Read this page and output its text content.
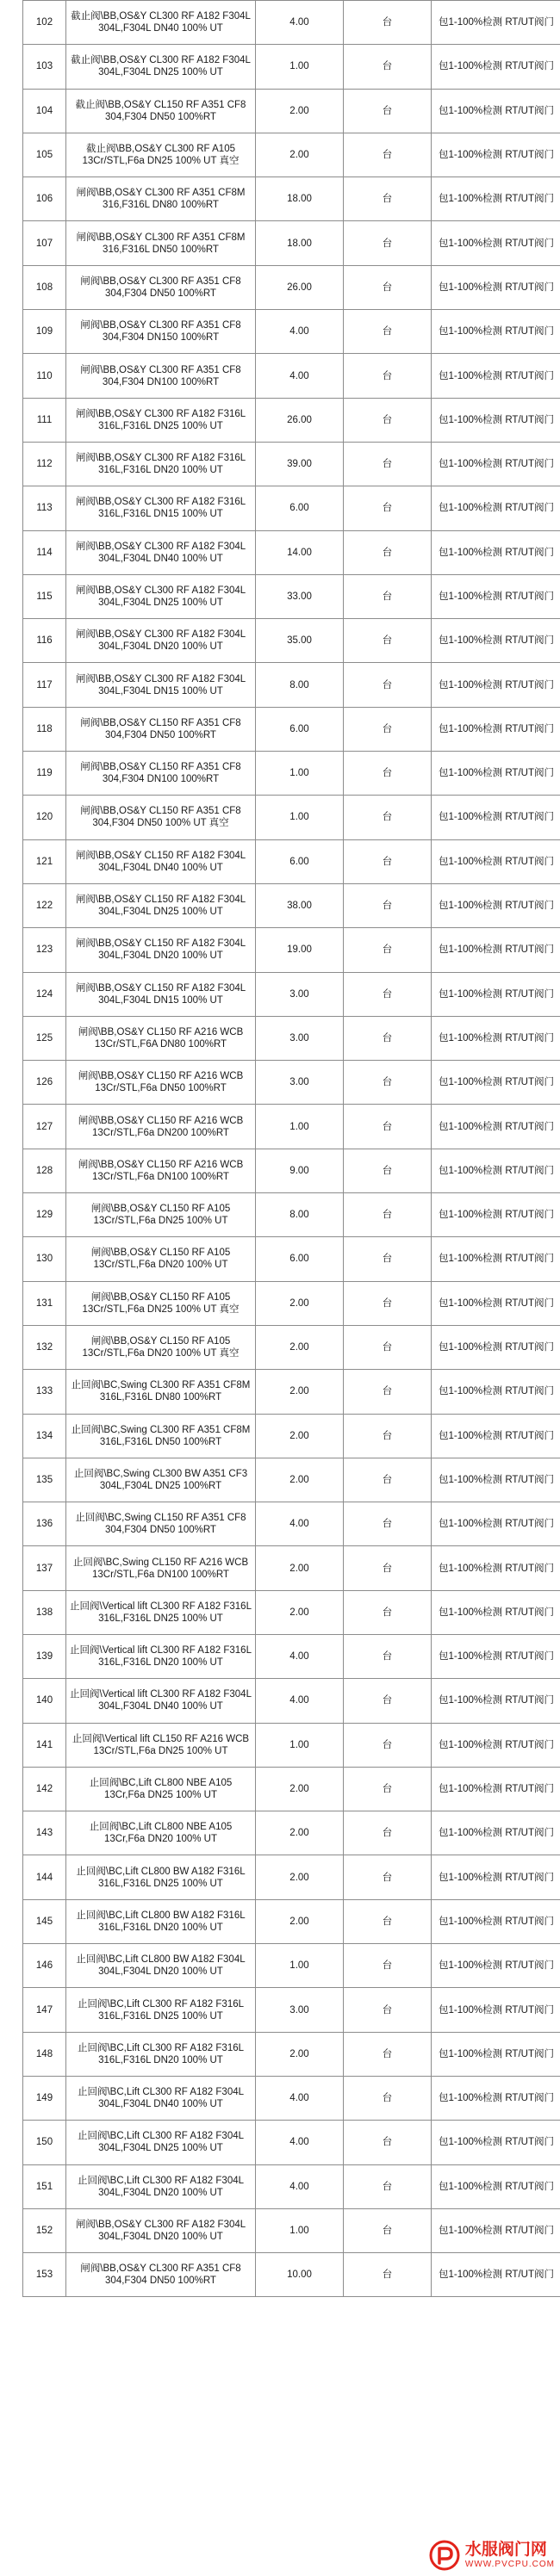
102	截止阀\BB,OS&Y CL300 RF A182 F304L 304L,F304L DN40 100% UT	4.00	台	包1-100%检测 RT/UT阀门
103	截止阀\BB,OS&Y CL300 RF A182 F304L 304L,F304L DN25 100% UT	1.00	台	包1-100%检测 RT/UT阀门
104	截止阀\BB,OS&Y CL150 RF A351 CF8 304,F304 DN50 100%RT	2.00	台	包1-100%检测 RT/UT阀门
105	截止阀\BB,OS&Y CL300 RF A105 13Cr/STL,F6a DN25 100% UT 真空	2.00	台	包1-100%检测 RT/UT阀门
106	闸阀\BB,OS&Y CL300 RF A351 CF8M 316,F316L DN80 100%RT	18.00	台	包1-100%检测 RT/UT阀门
107	闸阀\BB,OS&Y CL300 RF A351 CF8M 316,F316L DN50 100%RT	18.00	台	包1-100%检测 RT/UT阀门
108	闸阀\BB,OS&Y CL300 RF A351 CF8 304,F304 DN50 100%RT	26.00	台	包1-100%检测 RT/UT阀门
109	闸阀\BB,OS&Y CL300 RF A351 CF8 304,F304 DN150 100%RT	4.00	台	包1-100%检测 RT/UT阀门
110	闸阀\BB,OS&Y CL300 RF A351 CF8 304,F304 DN100 100%RT	4.00	台	包1-100%检测 RT/UT阀门
111	闸阀\BB,OS&Y CL300 RF A182 F316L 316L,F316L DN25 100% UT	26.00	台	包1-100%检测 RT/UT阀门
112	闸阀\BB,OS&Y CL300 RF A182 F316L 316L,F316L DN20 100% UT	39.00	台	包1-100%检测 RT/UT阀门
113	闸阀\BB,OS&Y CL300 RF A182 F316L 316L,F316L DN15 100% UT	6.00	台	包1-100%检测 RT/UT阀门
114	闸阀\BB,OS&Y CL300 RF A182 F304L 304L,F304L DN40 100% UT	14.00	台	包1-100%检测 RT/UT阀门
115	闸阀\BB,OS&Y CL300 RF A182 F304L 304L,F304L DN25 100% UT	33.00	台	包1-100%检测 RT/UT阀门
116	闸阀\BB,OS&Y CL300 RF A182 F304L 304L,F304L DN20 100% UT	35.00	台	包1-100%检测 RT/UT阀门
117	闸阀\BB,OS&Y CL300 RF A182 F304L 304L,F304L DN15 100% UT	8.00	台	包1-100%检测 RT/UT阀门
118	闸阀\BB,OS&Y CL150 RF A351 CF8 304,F304 DN50 100%RT	6.00	台	包1-100%检测 RT/UT阀门
119	闸阀\BB,OS&Y CL150 RF A351 CF8 304,F304 DN100 100%RT	1.00	台	包1-100%检测 RT/UT阀门
120	闸阀\BB,OS&Y CL150 RF A351 CF8 304,F304 DN50 100% UT 真空	1.00	台	包1-100%检测 RT/UT阀门
121	闸阀\BB,OS&Y CL150 RF A182 F304L 304L,F304L DN40 100% UT	6.00	台	包1-100%检测 RT/UT阀门
122	闸阀\BB,OS&Y CL150 RF A182 F304L 304L,F304L DN25 100% UT	38.00	台	包1-100%检测 RT/UT阀门
123	闸阀\BB,OS&Y CL150 RF A182 F304L 304L,F304L DN20 100% UT	19.00	台	包1-100%检测 RT/UT阀门
124	闸阀\BB,OS&Y CL150 RF A182 F304L 304L,F304L DN15 100% UT	3.00	台	包1-100%检测 RT/UT阀门
125	闸阀\BB,OS&Y CL150 RF A216 WCB 13Cr/STL,F6A DN80 100%RT	3.00	台	包1-100%检测 RT/UT阀门
126	闸阀\BB,OS&Y CL150 RF A216 WCB 13Cr/STL,F6a DN50 100%RT	3.00	台	包1-100%检测 RT/UT阀门
127	闸阀\BB,OS&Y CL150 RF A216 WCB 13Cr/STL,F6a DN200 100%RT	1.00	台	包1-100%检测 RT/UT阀门
128	闸阀\BB,OS&Y CL150 RF A216 WCB 13Cr/STL,F6a DN100 100%RT	9.00	台	包1-100%检测 RT/UT阀门
129	闸阀\BB,OS&Y CL150 RF A105 13Cr/STL,F6a DN25 100% UT	8.00	台	包1-100%检测 RT/UT阀门
130	闸阀\BB,OS&Y CL150 RF A105 13Cr/STL,F6a DN20 100% UT	6.00	台	包1-100%检测 RT/UT阀门
131	闸阀\BB,OS&Y CL150 RF A105 13Cr/STL,F6a DN25 100% UT 真空	2.00	台	包1-100%检测 RT/UT阀门
132	闸阀\BB,OS&Y CL150 RF A105 13Cr/STL,F6a DN20 100% UT 真空	2.00	台	包1-100%检测 RT/UT阀门
133	止回阀\BC,Swing CL300 RF A351 CF8M 316L,F316L DN80 100%RT	2.00	台	包1-100%检测 RT/UT阀门
134	止回阀\BC,Swing CL300 RF A351 CF8M 316L,F316L DN50 100%RT	2.00	台	包1-100%检测 RT/UT阀门
135	止回阀\BC,Swing CL300 BW A351 CF3 304L,F304L DN25 100%RT	2.00	台	包1-100%检测 RT/UT阀门
136	止回阀\BC,Swing CL150 RF A351 CF8 304,F304 DN50 100%RT	4.00	台	包1-100%检测 RT/UT阀门
137	止回阀\BC,Swing CL150 RF A216 WCB 13Cr/STL,F6a DN100 100%RT	2.00	台	包1-100%检测 RT/UT阀门
138	止回阀\Vertical lift CL300 RF A182 F316L 316L,F316L DN25 100% UT	2.00	台	包1-100%检测 RT/UT阀门
139	止回阀\Vertical lift CL300 RF A182 F316L 316L,F316L DN20 100% UT	4.00	台	包1-100%检测 RT/UT阀门
140	止回阀\Vertical lift CL300 RF A182 F304L 304L,F304L DN40 100% UT	4.00	台	包1-100%检测 RT/UT阀门
141	止回阀\Vertical lift CL150 RF A216 WCB 13Cr/STL,F6a DN25 100% UT	1.00	台	包1-100%检测 RT/UT阀门
142	止回阀\BC,Lift CL800 NBE A105 13Cr,F6a DN25 100% UT	2.00	台	包1-100%检测 RT/UT阀门
143	止回阀\BC,Lift CL800 NBE A105 13Cr,F6a DN20 100% UT	2.00	台	包1-100%检测 RT/UT阀门
144	止回阀\BC,Lift CL800 BW A182 F316L 316L,F316L DN25 100% UT	2.00	台	包1-100%检测 RT/UT阀门
145	止回阀\BC,Lift CL800 BW A182 F316L 316L,F316L DN20 100% UT	2.00	台	包1-100%检测 RT/UT阀门
146	止回阀\BC,Lift CL800 BW A182 F304L 304L,F304L DN20 100% UT	1.00	台	包1-100%检测 RT/UT阀门
147	止回阀\BC,Lift CL300 RF A182 F316L 316L,F316L DN25 100% UT	3.00	台	包1-100%检测 RT/UT阀门
148	止回阀\BC,Lift CL300 RF A182 F316L 316L,F316L DN20 100% UT	2.00	台	包1-100%检测 RT/UT阀门
149	止回阀\BC,Lift CL300 RF A182 F304L 304L,F304L DN40 100% UT	4.00	台	包1-100%检测 RT/UT阀门
150	止回阀\BC,Lift CL300 RF A182 F304L 304L,F304L DN25 100% UT	4.00	台	包1-100%检测 RT/UT阀门
151	止回阀\BC,Lift CL300 RF A182 F304L 304L,F304L DN20 100% UT	4.00	台	包1-100%检测 RT/UT阀门
152	闸阀\BB,OS&Y CL300 RF A182 F304L 304L,F304L DN20 100% UT	1.00	台	包1-100%检测 RT/UT阀门
153	闸阀\BB,OS&Y CL300 RF A351 CF8 304,F304 DN50 100%RT	10.00	台	包1-100%检测 RT/UT阀门
水服阀门网
WWW.PVCPU.COM
